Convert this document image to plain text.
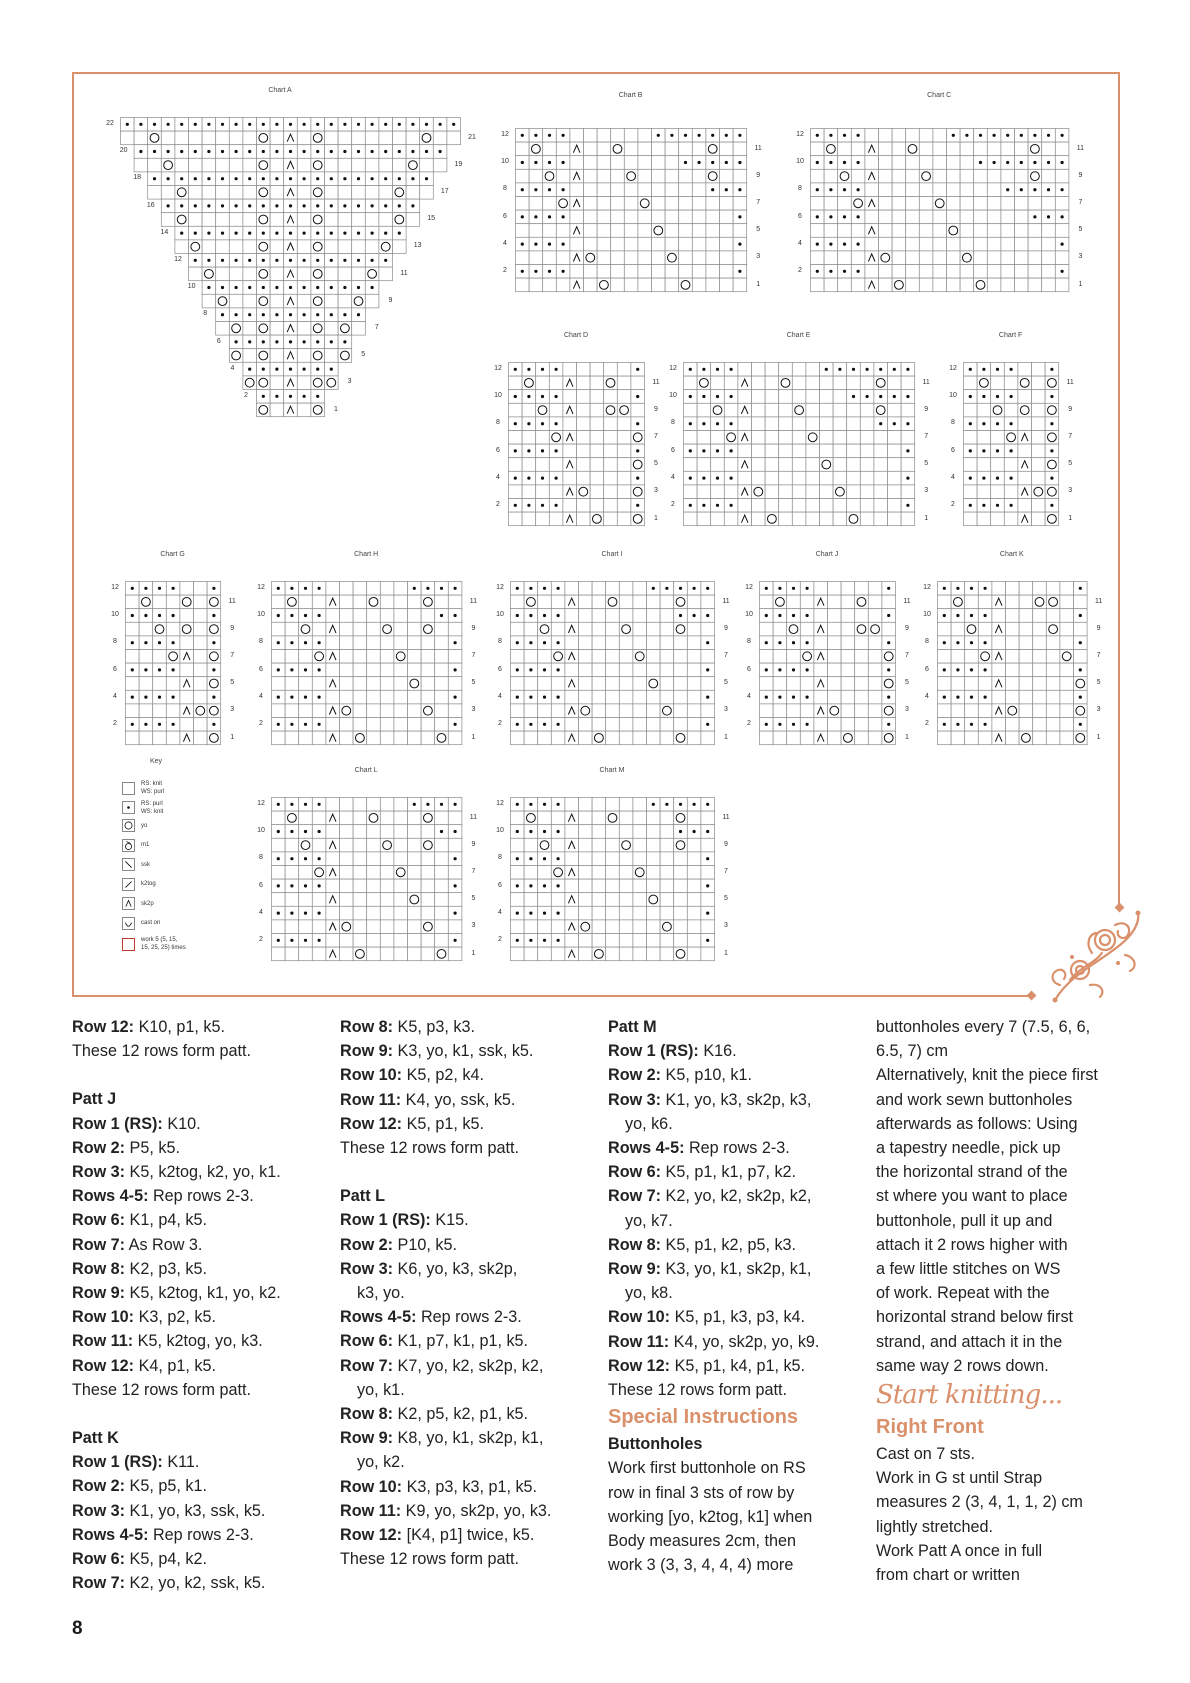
Chart A
22
21
20
19
18
17
16
15
14
13
12
11
10
9
8
7
6
5
4
3
2
1
Chart B
12
11
10
9
8
7
6
5
4
3
2
1
Chart C
12
11
10
9
8
7
6
5
4
3
2
1
Chart D
12
11
10
9
8
7
6
5
4
3
2
1
Chart E
12
11
10
9
8
7
6
5
4
3
2
1
Chart F
12
11
10
9
8
7
6
5
4
3
2
1
Chart G
12
11
10
9
8
7
6
5
4
3
2
1
Chart H
12
11
10
9
8
7
6
5
4
3
2
1
Chart I
12
11
10
9
8
7
6
5
4
3
2
1
Chart J
12
11
10
9
8
7
6
5
4
3
2
1
Chart K
12
11
10
9
8
7
6
5
4
3
2
1
Chart L
12
11
10
9
8
7
6
5
4
3
2
1
Chart M
12
11
10
9
8
7
6
5
4
3
2
1
Key
RS: knit
WS: purl
RS: purl
WS: knit
yo
m1
ssk
k2tog
sk2p
cast on
work 5 (5, 15,
15, 25, 25) times

Row 12: K10, p1, k5.

These 12 rows form patt.

Patt J

Row 1 (RS): K10.

Row 2: P5, k5.

Row 3: K5, k2tog, k2, yo, k1.

Rows 4-5: Rep rows 2-3.

Row 6: K1, p4, k5.

Row 7: As Row 3.

Row 8: K2, p3, k5.

Row 9: K5, k2tog, k1, yo, k2.

Row 10: K3, p2, k5.

Row 11: K5, k2tog, yo, k3.

Row 12: K4, p1, k5.

These 12 rows form patt.

Patt K

Row 1 (RS): K11.

Row 2: K5, p5, k1.

Row 3: K1, yo, k3, ssk, k5.

Rows 4-5: Rep rows 2-3.

Row 6: K5, p4, k2.

Row 7: K2, yo, k2, ssk, k5.

Row 8: K5, p3, k3.

Row 9: K3, yo, k1, ssk, k5.

Row 10: K5, p2, k4.

Row 11: K4, yo, ssk, k5.

Row 12: K5, p1, k5.

These 12 rows form patt.

Patt L

Row 1 (RS): K15.

Row 2: P10, k5.

Row 3: K6, yo, k3, sk2p,

k3, yo.

Rows 4-5: Rep rows 2-3.

Row 6: K1, p7, k1, p1, k5.

Row 7: K7, yo, k2, sk2p, k2,

yo, k1.

Row 8: K2, p5, k2, p1, k5.

Row 9: K8, yo, k1, sk2p, k1,

yo, k2.

Row 10: K3, p3, k3, p1, k5.

Row 11: K9, yo, sk2p, yo, k3.

Row 12: [K4, p1] twice, k5.

These 12 rows form patt.

Patt M

Row 1 (RS): K16.

Row 2: K5, p10, k1.

Row 3: K1, yo, k3, sk2p, k3,

yo, k6.

Rows 4-5: Rep rows 2-3.

Row 6: K5, p1, k1, p7, k2.

Row 7: K2, yo, k2, sk2p, k2,

yo, k7.

Row 8: K5, p1, k2, p5, k3.

Row 9: K3, yo, k1, sk2p, k1,

yo, k8.

Row 10: K5, p1, k3, p3, k4.

Row 11: K4, yo, sk2p, yo, k9.

Row 12: K5, p1, k4, p1, k5.

These 12 rows form patt.

Special Instructions

Buttonholes

Work first buttonhole on RS

row in final 3 sts of row by

working [yo, k2tog, k1] when

Body measures 2cm, then

work 3 (3, 3, 4, 4, 4) more

buttonholes every 7 (7.5, 6, 6,

6.5, 7) cm

Alternatively, knit the piece first

and work sewn buttonholes

afterwards as follows: Using

a tapestry needle, pick up

the horizontal strand of the

st where you want to place

buttonhole, pull it up and

attach it 2 rows higher with

a few little stitches on WS

of work. Repeat with the

horizontal strand below first

strand, and attach it in the

same way 2 rows down.

Start knitting...

Right Front

Cast on 7 sts.

Work in G st until Strap

measures 2 (3, 4, 1, 1, 2) cm

lightly stretched.

Work Patt A once in full

from chart or written

8
